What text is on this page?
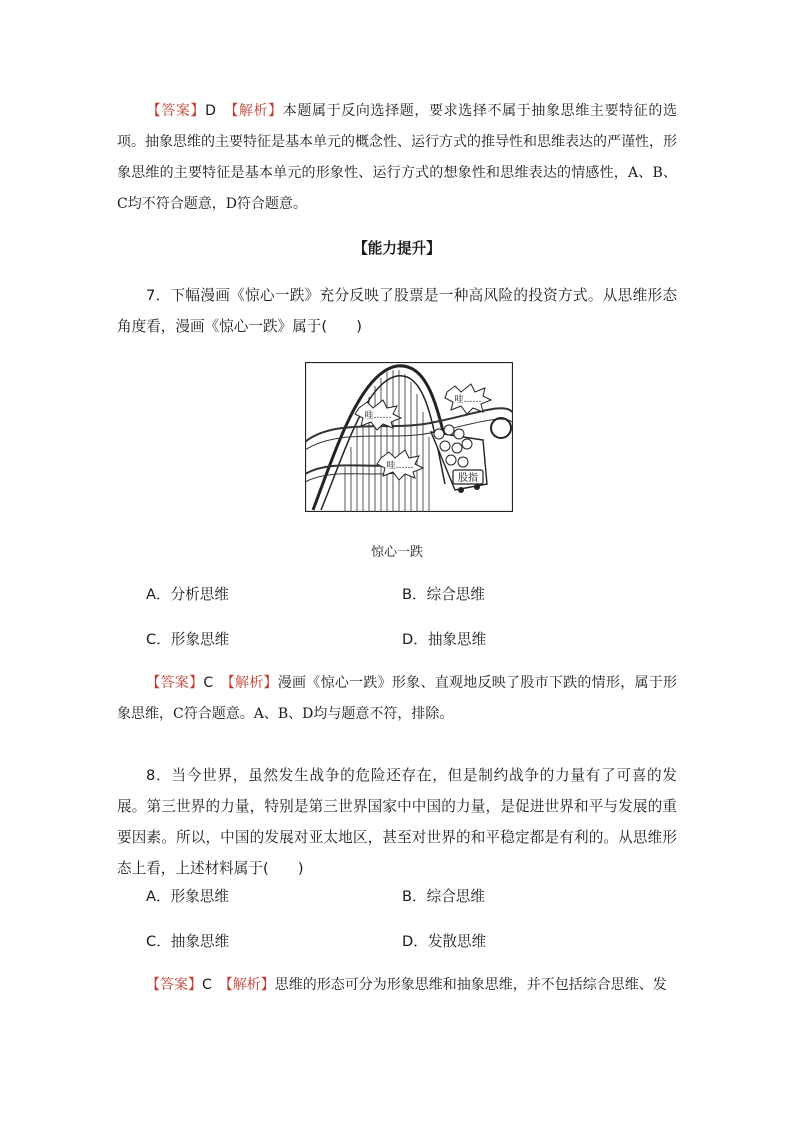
【答案】D　 【解析】本题属于反向选择题，要求选择不属于抽象思维主要特征的选项。抽象思维的主要特征是基本单元的概念性、运行方式的推导性和思维表达的严谨性，形象思维的主要特征是基本单元的形象性、运行方式的想象性和思维表达的情感性，A、B、C均不符合题意，D符合题意。

【能力提升】

7．下幅漫画《惊心一跌》充分反映了股票是一种高风险的投资方式。从思维形态角度看，漫画《惊心一跌》属于(　　)

股指
哇……
哇……
哇……
惊心一跌
A．分析思维	B．综合思维
C．形象思维	D．抽象思维

【答案】C　 【解析】漫画《惊心一跌》形象、直观地反映了股市下跌的情形，属于形象思维，C符合题意。A、B、D均与题意不符，排除。

8．当今世界，虽然发生战争的危险还存在，但是制约战争的力量有了可喜的发展。第三世界的力量，特别是第三世界国家中中国的力量，是促进世界和平与发展的重要因素。所以，中国的发展对亚太地区，甚至对世界的和平稳定都是有利的。从思维形态上看，上述材料属于(　　)

A．形象思维	B．综合思维
C．抽象思维	D．发散思维

【答案】C　 【解析】思维的形态可分为形象思维和抽象思维，并不包括综合思维、发
